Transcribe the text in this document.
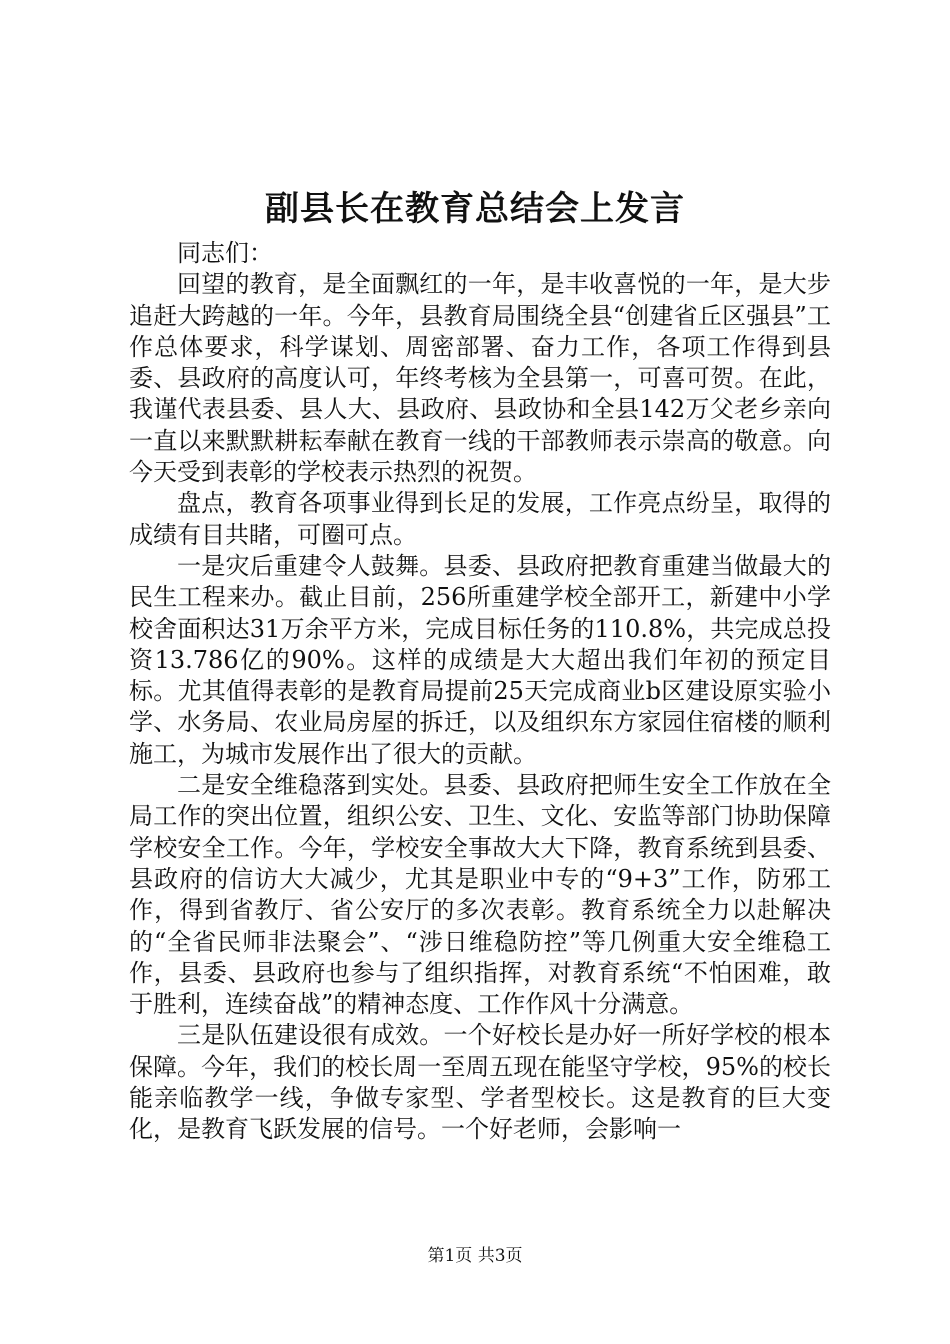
副县长在教育总结会上发言

同志们：

回望的教育，是全面飘红的一年，是丰收喜悦的一年，是大步追赶大跨越的一年。今年，县教育局围绕全县“创建省丘区强县”工作总体要求，科学谋划、周密部署、奋力工作，各项工作得到县委、县政府的高度认可，年终考核为全县第一，可喜可贺。在此，我谨代表县委、县人大、县政府、县政协和全县142万父老乡亲向一直以来默默耕耘奉献在教育一线的干部教师表示崇高的敬意。向今天受到表彰的学校表示热烈的祝贺。

盘点，教育各项事业得到长足的发展，工作亮点纷呈，取得的成绩有目共睹，可圈可点。

一是灾后重建令人鼓舞。县委、县政府把教育重建当做最大的民生工程来办。截止目前，256所重建学校全部开工，新建中小学校舍面积达31万余平方米，完成目标任务的110.8%，共完成总投资13.786亿的90%。这样的成绩是大大超出我们年初的预定目标。尤其值得表彰的是教育局提前25天完成商业b区建设原实验小学、水务局、农业局房屋的拆迁，以及组织东方家园住宿楼的顺利施工，为城市发展作出了很大的贡献。

二是安全维稳落到实处。县委、县政府把师生安全工作放在全局工作的突出位置，组织公安、卫生、文化、安监等部门协助保障学校安全工作。今年，学校安全事故大大下降，教育系统到县委、县政府的信访大大减少，尤其是职业中专的“9+3”工作，防邪工作，得到省教厅、省公安厅的多次表彰。教育系统全力以赴解决的“全省民师非法聚会”、“涉日维稳防控”等几例重大安全维稳工作，县委、县政府也参与了组织指挥，对教育系统“不怕困难，敢于胜利，连续奋战”的精神态度、工作作风十分满意。

三是队伍建设很有成效。一个好校长是办好一所好学校的根本保障。今年，我们的校长周一至周五现在能坚守学校，95%的校长能亲临教学一线，争做专家型、学者型校长。这是教育的巨大变化，是教育飞跃发展的信号。一个好老师，会影响一

第1页 共3页
